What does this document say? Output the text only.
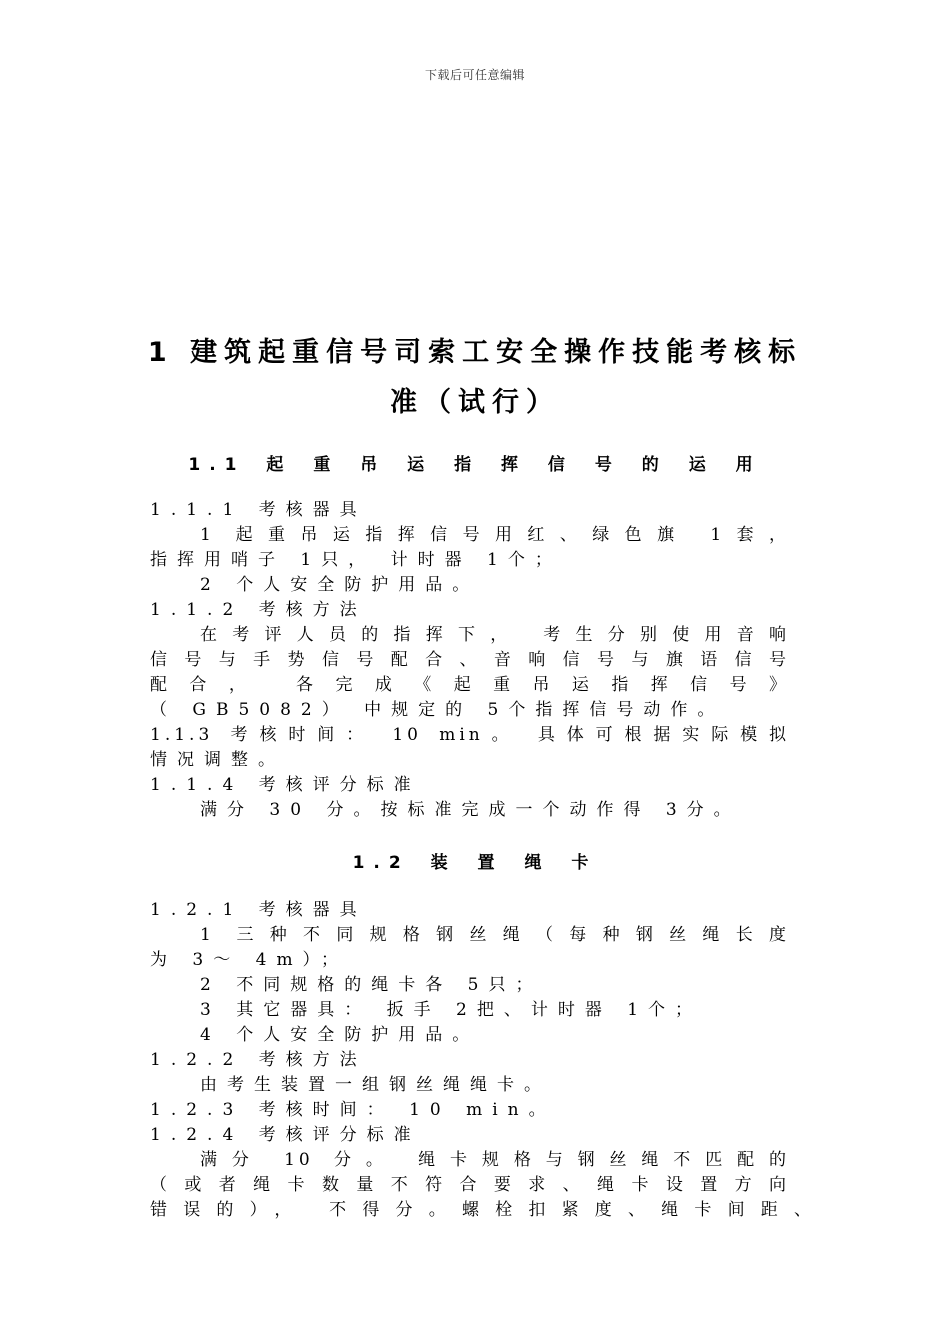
下载后可任意编辑
1 建筑起重信号司索工安全操作技能考核标
准（试行）
1.1 起 重 吊 运 指 挥 信 号 的 运 用
1.1.1 考核器具
1 起重吊运指挥信号用红、绿色旗 1套，
指挥用哨子 1只， 计时器 1个；
2 个人安全防护用品。
1.1.2 考核方法
在考评人员的指挥下， 考生分别使用音响
信号与手势信号配合、音响信号与旗语信号
配合， 各完成《起重吊运指挥信号》
（ GB5082） 中规定的 5个指挥信号动作。
1.1.3 考核时间： 10 min。 具体可根据实际模拟
情况调整。
1.1.4 考核评分标准
满分 30 分。按标准完成一个动作得 3分。
1.2 装 置 绳 卡
1.2.1 考核器具
1 三种不同规格钢丝绳（每种钢丝绳长度
为 3～ 4m）；
2 不同规格的绳卡各 5只；
3 其它器具： 扳手 2把、计时器 1个；
4 个人安全防护用品。
1.2.2 考核方法
由考生装置一组钢丝绳绳卡。
1.2.3 考核时间： 10 min。
1.2.4 考核评分标准
满分 10 分。 绳卡规格与钢丝绳不匹配的
（或者绳卡数量不符合要求、绳卡设置方向
错误的）， 不得分。螺栓扣紧度、绳卡间距、
